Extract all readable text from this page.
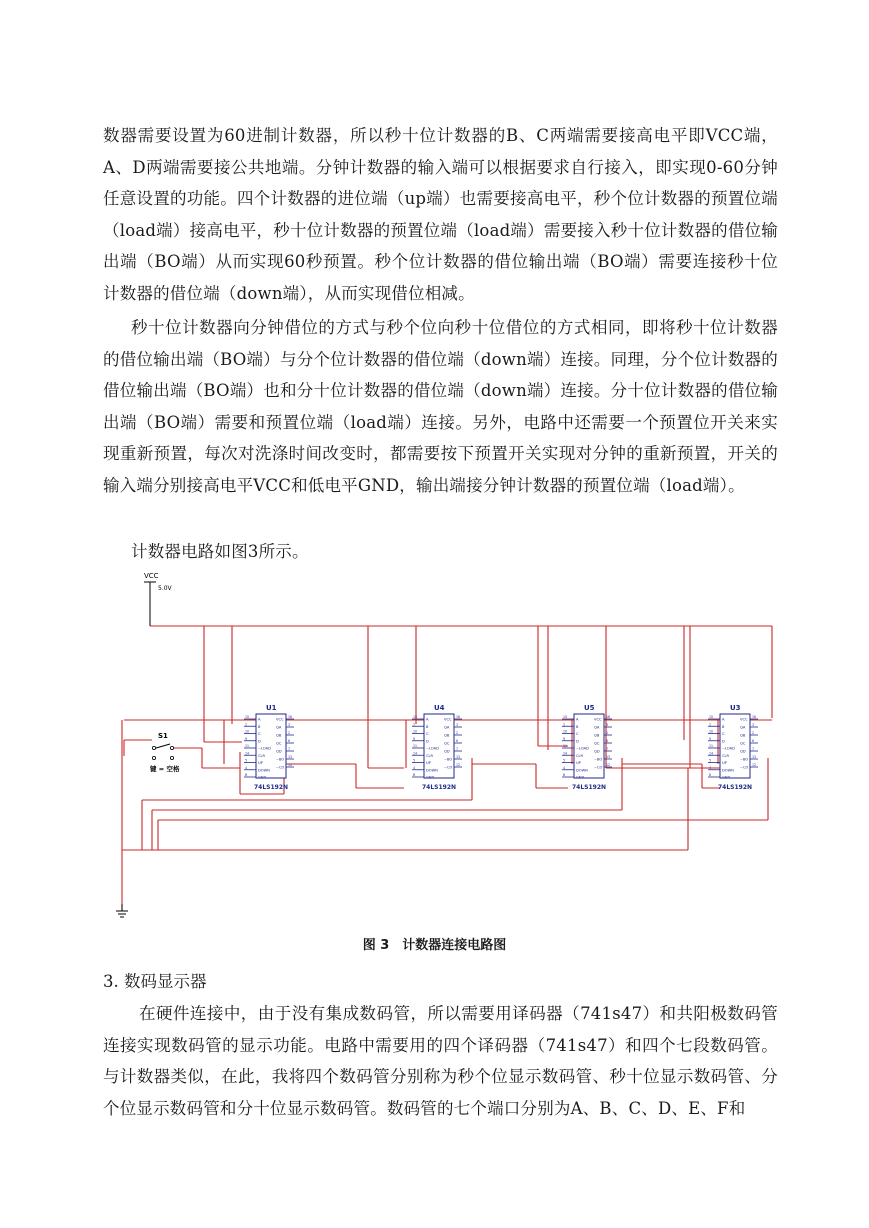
数器需要设置为60进制计数器，所以秒十位计数器的B、C两端需要接高电平即VCC端，A、D两端需要接公共地端。分钟计数器的输入端可以根据要求自行接入，即实现0-60分钟任意设置的功能。四个计数器的进位端（up端）也需要接高电平，秒个位计数器的预置位端（load端）接高电平，秒十位计数器的预置位端（load端）需要接入秒十位计数器的借位输出端（BO端）从而实现60秒预置。秒个位计数器的借位输出端（BO端）需要连接秒十位计数器的借位端（down端），从而实现借位相减。

秒十位计数器向分钟借位的方式与秒个位向秒十位借位的方式相同，即将秒十位计数器的借位输出端（BO端）与分个位计数器的借位端（down端）连接。同理，分个位计数器的借位输出端（BO端）也和分十位计数器的借位端（down端）连接。分十位计数器的借位输出端（BO端）需要和预置位端（load端）连接。另外，电路中还需要一个预置位开关来实现重新预置，每次对洗涤时间改变时，都需要按下预置开关实现对分钟的重新预置，开关的输入端分别接高电平VCC和低电平GND，输出端接分钟计数器的预置位端（load端）。

计数器电路如图3所示。

VCC
5.0V
S1
键 = 空格
U1
A
15
B
1
C
10
D
9
~LOAD
11
CLR
14
UP
5
DOWN
4
GND
8
VCC
16
QA
3
QB
2
QC
6
QD
7
~BO
13
~CO
12
74LS192N
U4
A
15
B
1
C
10
D
9
~LOAD
11
CLR
14
UP
5
DOWN
4
GND
8
VCC
16
QA
3
QB
2
QC
6
QD
7
~BO
13
~CO
12
74LS192N
U5
A
15
B
1
C
10
D
9
~LOAD
11
CLR
14
UP
5
DOWN
4
GND
8
VCC
16
QA
3
QB
2
QC
6
QD
7
~BO
13
~CO
12
74LS192N
U3
A
15
B
1
C
10
D
9
~LOAD
11
CLR
14
UP
5
DOWN
4
GND
8
VCC
16
QA
3
QB
2
QC
6
QD
7
~BO
13
~CO
12
74LS192N
图 3　计数器连接电路图

3. 数码显示器

在硬件连接中，由于没有集成数码管，所以需要用译码器（741s47）和共阳极数码管连接实现数码管的显示功能。电路中需要用的四个译码器（741s47）和四个七段数码管。与计数器类似，在此，我将四个数码管分别称为秒个位显示数码管、秒十位显示数码管、分个位显示数码管和分十位显示数码管。数码管的七个端口分别为A、B、C、D、E、F和
